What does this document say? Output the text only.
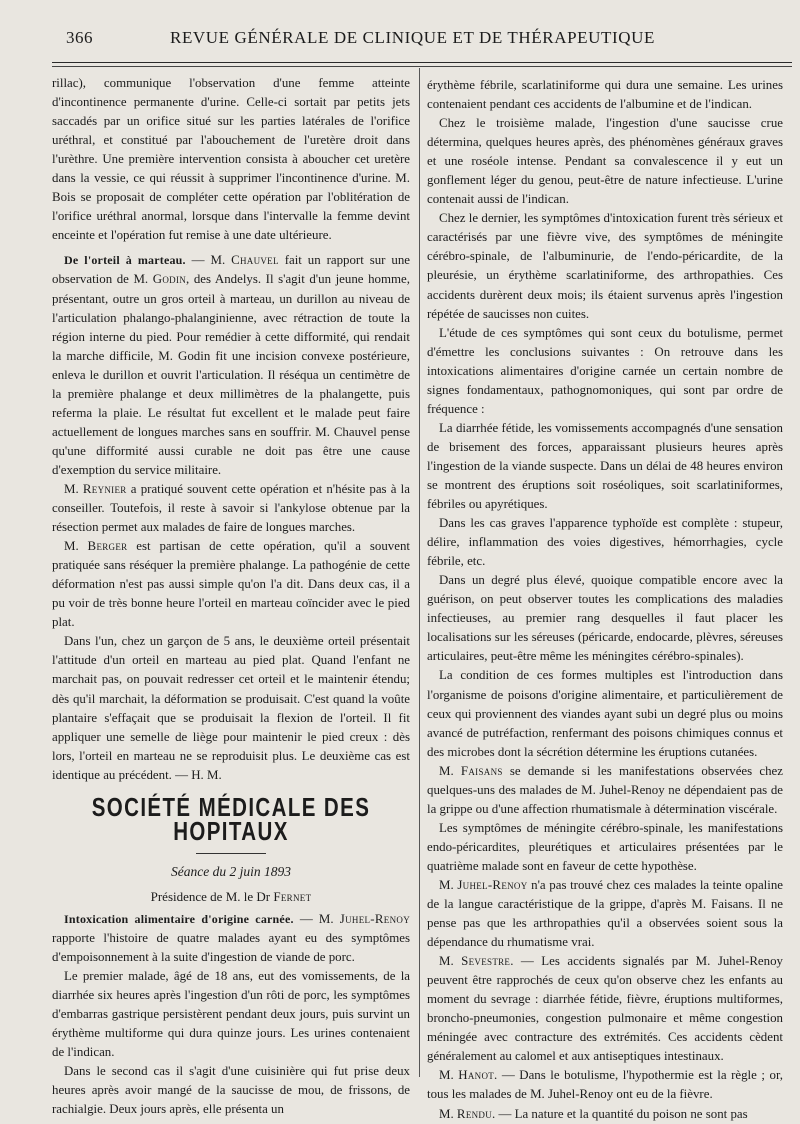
366	REVUE GÉNÉRALE DE CLINIQUE ET DE THÉRAPEUTIQUE

rillac), communique l'observation d'une femme atteinte d'incontinence permanente d'urine. Celle-ci sortait par petits jets saccadés par un orifice situé sur les parties latérales de l'orifice uréthral, et constitué par l'abouchement de l'uretère droit dans l'urèthre. Une première intervention consista à aboucher cet uretère dans la vessie, ce qui réussit à supprimer l'incontinence d'urine. M. Bois se proposait de compléter cette opération par l'oblitération de l'orifice uréthral anormal, lorsque dans l'intervalle la femme devint enceinte et l'opération fut remise à une date ultérieure.

De l'orteil à marteau. — M. Chauvel fait un rapport sur une observation de M. Godin, des Andelys. Il s'agit d'un jeune homme, présentant, outre un gros orteil à marteau, un durillon au niveau de l'articulation phalango-phalanginienne, avec rétraction de toute la région interne du pied. Pour remédier à cette difformité, qui rendait la marche difficile, M. Godin fit une incision convexe postérieure, enleva le durillon et ouvrit l'articulation. Il réséqua un centimètre de la première phalange et deux millimètres de la phalangette, puis referma la plaie. Le résultat fut excellent et le malade peut faire actuellement de longues marches sans en souffrir. M. Chauvel pense qu'une difformité aussi curable ne doit pas être une cause d'exemption du service militaire.

M. Reynier a pratiqué souvent cette opération et n'hésite pas à la conseiller. Toutefois, il reste à savoir si l'ankylose obtenue par la résection permet aux malades de faire de longues marches.

M. Berger est partisan de cette opération, qu'il a souvent pratiquée sans réséquer la première phalange. La pathogénie de cette déformation n'est pas aussi simple qu'on l'a dit. Dans deux cas, il a pu voir de très bonne heure l'orteil en marteau coïncider avec le pied plat.

Dans l'un, chez un garçon de 5 ans, le deuxième orteil présentait l'attitude d'un orteil en marteau au pied plat. Quand l'enfant ne marchait pas, on pouvait redresser cet orteil et le maintenir étendu; dès qu'il marchait, la déformation se produisait. C'est quand la voûte plantaire s'effaçait que se produisait la flexion de l'orteil. Il fit appliquer une semelle de liège pour maintenir le pied creux : dès lors, l'orteil en marteau ne se reproduisit plus. Le deuxième cas est identique au précédent. — H. M.

SOCIÉTÉ MÉDICALE DES HOPITAUX
Séance du 2 juin 1893
Présidence de M. le Dr Fernet

Intoxication alimentaire d'origine carnée. — M. Juhel-Renoy rapporte l'histoire de quatre malades ayant eu des symptômes d'empoisonnement à la suite d'ingestion de viande de porc.

Le premier malade, âgé de 18 ans, eut des vomissements, de la diarrhée six heures après l'ingestion d'un rôti de porc, les symptômes d'embarras gastrique persistèrent pendant deux jours, puis survint un érythème multiforme qui dura quinze jours. Les urines contenaient de l'indican.

Dans le second cas il s'agit d'une cuisinière qui fut prise deux heures après avoir mangé de la saucisse de mou, de frissons, de rachialgie. Deux jours après, elle présenta un

érythème fébrile, scarlatiniforme qui dura une semaine. Les urines contenaient pendant ces accidents de l'albumine et de l'indican.

Chez le troisième malade, l'ingestion d'une saucisse crue détermina, quelques heures après, des phénomènes généraux graves et une roséole intense. Pendant sa convalescence il y eut un gonflement léger du genou, peut-être de nature infectieuse. L'urine contenait aussi de l'indican.

Chez le dernier, les symptômes d'intoxication furent très sérieux et caractérisés par une fièvre vive, des symptômes de méningite cérébro-spinale, de l'albuminurie, de l'endo-péricardite, de la pleurésie, un érythème scarlatiniforme, des arthropathies. Ces accidents durèrent deux mois; ils étaient survenus après l'ingestion répétée de saucisses non cuites.

L'étude de ces symptômes qui sont ceux du botulisme, permet d'émettre les conclusions suivantes : On retrouve dans les intoxications alimentaires d'origine carnée un certain nombre de signes fondamentaux, pathognomoniques, qui sont par ordre de fréquence :

La diarrhée fétide, les vomissements accompagnés d'une sensation de brisement des forces, apparaissant plusieurs heures après l'ingestion de la viande suspecte. Dans un délai de 48 heures environ se montrent des éruptions soit roséoliques, soit scarlatiniformes, fébriles ou apyrétiques.

Dans les cas graves l'apparence typhoïde est complète : stupeur, délire, inflammation des voies digestives, hémorrhagies, cycle fébrile, etc.

Dans un degré plus élevé, quoique compatible encore avec la guérison, on peut observer toutes les complications des maladies infectieuses, au premier rang desquelles il faut placer les localisations sur les séreuses (péricarde, endocarde, plèvres, séreuses articulaires, peut-être même les méningites cérébro-spinales).

La condition de ces formes multiples est l'introduction dans l'organisme de poisons d'origine alimentaire, et particulièrement de ceux qui proviennent des viandes ayant subi un degré plus ou moins avancé de putréfaction, renfermant des poisons chimiques connus et des microbes dont la sécrétion détermine les éruptions cutanées.

M. Faisans se demande si les manifestations observées chez quelques-uns des malades de M. Juhel-Renoy ne dépendaient pas de la grippe ou d'une affection rhumatismale à détermination viscérale.

Les symptômes de méningite cérébro-spinale, les manifestations endo-péricardites, pleurétiques et articulaires présentées par le quatrième malade sont en faveur de cette hypothèse.

M. Juhel-Renoy n'a pas trouvé chez ces malades la teinte opaline de la langue caractéristique de la grippe, d'après M. Faisans. Il ne pense pas que les arthropathies qu'il a observées soient sous la dépendance du rhumatisme vrai.

M. Sevestre. — Les accidents signalés par M. Juhel-Renoy peuvent être rapprochés de ceux qu'on observe chez les enfants au moment du sevrage : diarrhée fétide, fièvre, éruptions multiformes, broncho-pneumonies, congestion pulmonaire et même congestion méningée avec contracture des extrémités. Ces accidents cèdent généralement au calomel et aux antiseptiques intestinaux.

M. Hanot. — Dans le botulisme, l'hypothermie est la règle ; or, tous les malades de M. Juhel-Renoy ont eu de la fièvre.

M. Rendu. — La nature et la quantité du poison ne sont pas
